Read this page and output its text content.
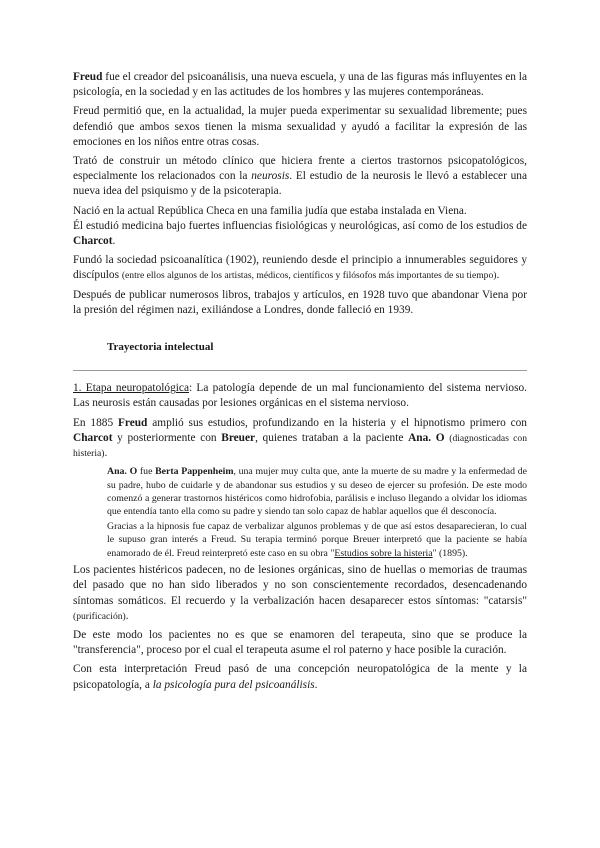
Freud fue el creador del psicoanálisis, una nueva escuela, y una de las figuras más influyentes en la psicología, en la sociedad y en las actitudes de los hombres y las mujeres contemporáneas.

Freud permitió que, en la actualidad, la mujer pueda experimentar su sexualidad libremente; pues defendió que ambos sexos tienen la misma sexualidad y ayudó a facilitar la expresión de las emociones en los niños entre otras cosas.

Trató de construir un método clínico que hiciera frente a ciertos trastornos psicopatológicos, especialmente los relacionados con la neurosis. El estudio de la neurosis le llevó a establecer una nueva idea del psiquismo y de la psicoterapia.

Nació en la actual República Checa en una familia judía que estaba instalada en Viena.

Él estudió medicina bajo fuertes influencias fisiológicas y neurológicas, así como de los estudios de Charcot.

Fundó la sociedad psicoanalítica (1902), reuniendo desde el principio a innumerables seguidores y discípulos (entre ellos algunos de los artistas, médicos, científicos y filósofos más importantes de su tiempo).

Después de publicar numerosos libros, trabajos y artículos, en 1928 tuvo que abandonar Viena por la presión del régimen nazi, exiliándose a Londres, donde falleció en 1939.

Trayectoria intelectual

1. Etapa neuropatológica: La patología depende de un mal funcionamiento del sistema nervioso. Las neurosis están causadas por lesiones orgánicas en el sistema nervioso.

En 1885 Freud amplió sus estudios, profundizando en la histeria y el hipnotismo primero con Charcot y posteriormente con Breuer, quienes trataban a la paciente Ana. O (diagnosticadas con histeria).

Ana. O fue Berta Pappenheim, una mujer muy culta que, ante la muerte de su madre y la enfermedad de su padre, hubo de cuidarle y de abandonar sus estudios y su deseo de ejercer su profesión. De este modo comenzó a generar trastornos histéricos como hidrofobia, parálisis e incluso llegando a olvidar los idiomas que entendía tanto ella como su padre y siendo tan solo capaz de hablar aquellos que él desconocía.

Gracias a la hipnosis fue capaz de verbalizar algunos problemas y de que así estos desaparecieran, lo cual le supuso gran interés a Freud. Su terapia terminó porque Breuer interpretó que la paciente se había enamorado de él. Freud reinterpretó este caso en su obra "Estudios sobre la histeria" (1895).

Los pacientes histéricos padecen, no de lesiones orgánicas, sino de huellas o memorias de traumas del pasado que no han sido liberados y no son conscientemente recordados, desencadenando síntomas somáticos. El recuerdo y la verbalización hacen desaparecer estos síntomas: "catarsis" (purificación).

De este modo los pacientes no es que se enamoren del terapeuta, sino que se produce la "transferencia", proceso por el cual el terapeuta asume el rol paterno y hace posible la curación.

Con esta interpretación Freud pasó de una concepción neuropatológica de la mente y la psicopatología, a la psicología pura del psicoanálisis.
